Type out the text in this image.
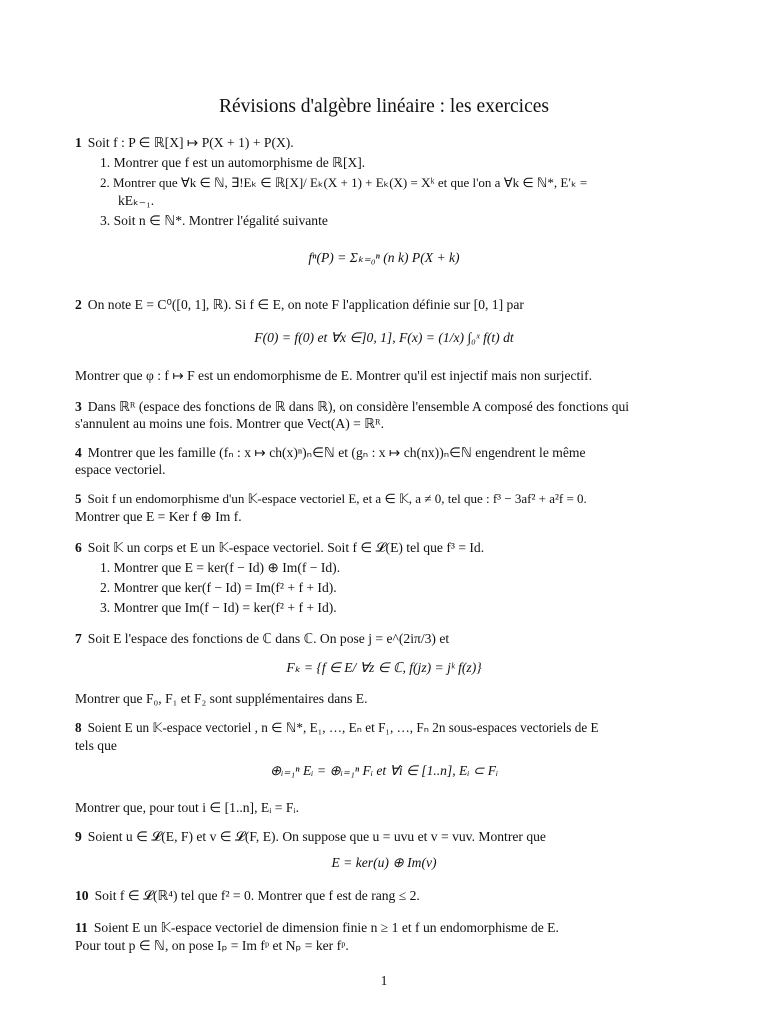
Révisions d'algèbre linéaire : les exercices
1 Soit f : P ∈ ℝ[X] ↦ P(X + 1) + P(X).
1. Montrer que f est un automorphisme de ℝ[X].
2. Montrer que ∀k ∈ ℕ, ∃!Eₖ ∈ ℝ[X]/ Eₖ(X + 1) + Eₖ(X) = Xᵏ et que l'on a ∀k ∈ ℕ*, E′ₖ =
kEₖ₋₁.
3. Soit n ∈ ℕ*. Montrer l'égalité suivante
fⁿ(P) = Σₖ₌₀ⁿ (n k) P(X + k)
2 On note E = C⁰([0, 1], ℝ). Si f ∈ E, on note F l'application définie sur [0, 1] par
F(0) = f(0) et ∀x ∈]0, 1], F(x) = (1/x) ∫₀ˣ f(t) dt
Montrer que φ : f ↦ F est un endomorphisme de E. Montrer qu'il est injectif mais non surjectif.
3 Dans ℝᴿ (espace des fonctions de ℝ dans ℝ), on considère l'ensemble A composé des fonctions qui
s'annulent au moins une fois. Montrer que Vect(A) = ℝᴿ.
4 Montrer que les famille (fₙ : x ↦ ch(x)ⁿ)ₙ∈ℕ et (gₙ : x ↦ ch(nx))ₙ∈ℕ engendrent le même
espace vectoriel.
5 Soit f un endomorphisme d'un 𝕂-espace vectoriel E, et a ∈ 𝕂, a ≠ 0, tel que : f³ − 3af² + a²f = 0.
Montrer que E = Ker f ⊕ Im f.
6 Soit 𝕂 un corps et E un 𝕂-espace vectoriel. Soit f ∈ 𝓛(E) tel que f³ = Id.
1. Montrer que E = ker(f − Id) ⊕ Im(f − Id).
2. Montrer que ker(f − Id) = Im(f² + f + Id).
3. Montrer que Im(f − Id) = ker(f² + f + Id).
7 Soit E l'espace des fonctions de ℂ dans ℂ. On pose j = e^(2iπ/3) et
Fₖ = {f ∈ E/ ∀z ∈ ℂ, f(jz) = jᵏ f(z)}
Montrer que F₀, F₁ et F₂ sont supplémentaires dans E.
8 Soient E un 𝕂-espace vectoriel , n ∈ ℕ*, E₁, …, Eₙ et F₁, …, Fₙ 2n sous-espaces vectoriels de E
tels que
⊕ᵢ₌₁ⁿ Eᵢ = ⊕ᵢ₌₁ⁿ Fᵢ et ∀i ∈ [1..n], Eᵢ ⊂ Fᵢ
Montrer que, pour tout i ∈ [1..n], Eᵢ = Fᵢ.
9 Soient u ∈ 𝓛(E, F) et v ∈ 𝓛(F, E). On suppose que u = uvu et v = vuv. Montrer que
E = ker(u) ⊕ Im(v)
10 Soit f ∈ 𝓛(ℝ⁴) tel que f² = 0. Montrer que f est de rang ≤ 2.
11 Soient E un 𝕂-espace vectoriel de dimension finie n ≥ 1 et f un endomorphisme de E.
Pour tout p ∈ ℕ, on pose Iₚ = Im fᵖ et Nₚ = ker fᵖ.
1
